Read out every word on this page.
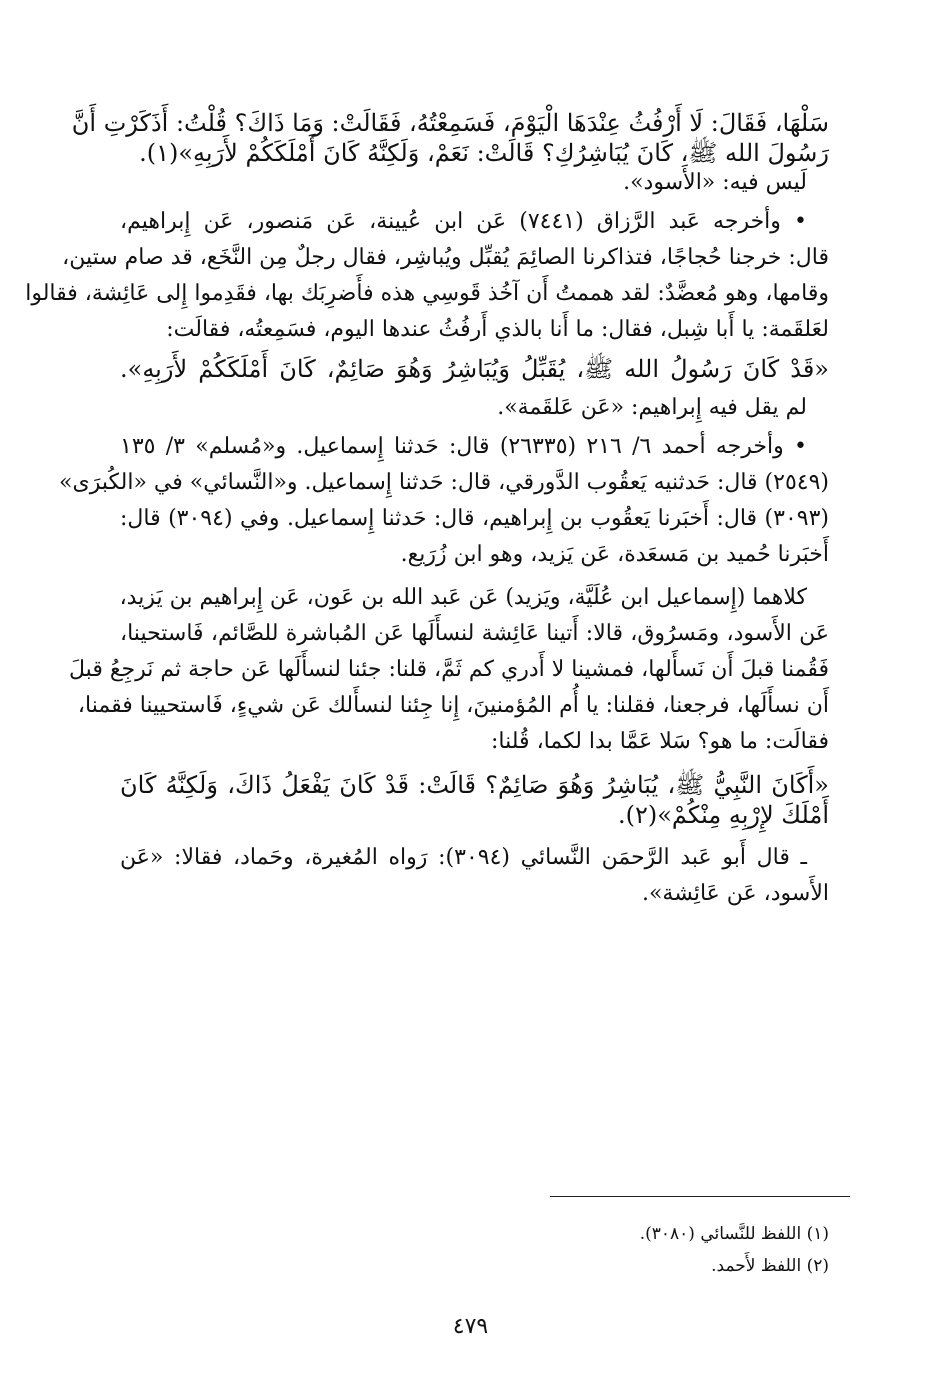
سَلْهَا، فَقَالَ: لَا أَرْفُثُ عِنْدَهَا الْيَوْمَ، فَسَمِعْتُهُ، فَقَالَتْ: وَمَا ذَاكَ؟ قُلْتُ: أَذَكَرْتِ أَنَّ
رَسُولَ الله ﷺ، كَانَ يُبَاشِرُكِ؟ قَالَتْ: نَعَمْ، وَلَكِنَّهُ كَانَ أَمْلَكَكُمْ لأَرَبِهِ»(١).
لَيس فيه: «الأَسود».
• وأخرجه عَبد الرَّزاق (٧٤٤١) عَن ابن عُيينة، عَن مَنصور، عَن إِبراهيم،
قال: خرجنا حُجاجًا، فتذاكرنا الصائِمَ يُقبِّل ويُباشِر، فقال رجلٌ مِن النَّخَع، قد صام ستين،
وقامها، وهو مُعضَّدٌ: لقد هممتُ أَن آخُذ قَوسِي هذه فأَضرِبَك بها، فقَدِموا إِلى عَائِشة، فقالوا
لعَلقَمة: يا أَبا شِبل، فقال: ما أَنا بالذي أَرفُثُ عندها اليوم، فسَمِعتُه، فقالَت:
«قَدْ كَانَ رَسُولُ الله ﷺ، يُقَبِّلُ وَيُبَاشِرُ وَهُوَ صَائِمٌ، كَانَ أَمْلَكَكُمْ لأَرَبِهِ».
لم يقل فيه إِبراهيم: «عَن عَلقَمة».
• وأخرجه أحمد ٦/ ٢١٦ (٢٦٣٣٥) قال: حَدثنا إِسماعيل. و«مُسلم» ٣/ ١٣٥
(٢٥٤٩) قال: حَدثنيه يَعقُوب الدَّورقي، قال: حَدثنا إِسماعيل. و«النَّسائي» في «الكُبرَى»
(٣٠٩٣) قال: أَخبَرنا يَعقُوب بن إِبراهيم، قال: حَدثنا إِسماعيل. وفي (٣٠٩٤) قال:
أَخبَرنا حُميد بن مَسعَدة، عَن يَزيد، وهو ابن زُرَيع.
كلاهما (إِسماعيل ابن عُلَيَّة، ويَزيد) عَن عَبد الله بن عَون، عَن إِبراهيم بن يَزيد،
عَن الأَسود، ومَسرُوق، قالا: أَتينا عَائِشة لنسأَلَها عَن المُباشرة للصَّائم، فَاستحينا،
فَقُمنا قبلَ أَن نَسأَلها، فمشينا لا أَدري كم ثَمَّ، قلنا: جئنا لنسأَلَها عَن حاجة ثم نَرجِعُ قبلَ
أَن نسأَلَها، فرجعنا، فقلنا: يا أُم المُؤمنينَ، إِنا جِئنا لنسأَلك عَن شيءٍ، فَاستحيينا فقمنا،
فقالَت: ما هو؟ سَلا عَمَّا بدا لكما، قُلنا:
«أَكَانَ النَّبِيُّ ﷺ، يُبَاشِرُ وَهُوَ صَائِمٌ؟ قَالَتْ: قَدْ كَانَ يَفْعَلُ ذَاكَ، وَلَكِنَّهُ كَانَ
أَمْلَكَ لإِرْبِهِ مِنْكُمْ»(٢).
ـ قال أَبو عَبد الرَّحمَن النَّسائي (٣٠٩٤): رَواه المُغيرة، وحَماد، فقالا: «عَن
الأَسود، عَن عَائِشة».
(١) اللفظ للنَّسائي (٣٠٨٠).
(٢) اللفظ لأَحمد.
٤٧٩
